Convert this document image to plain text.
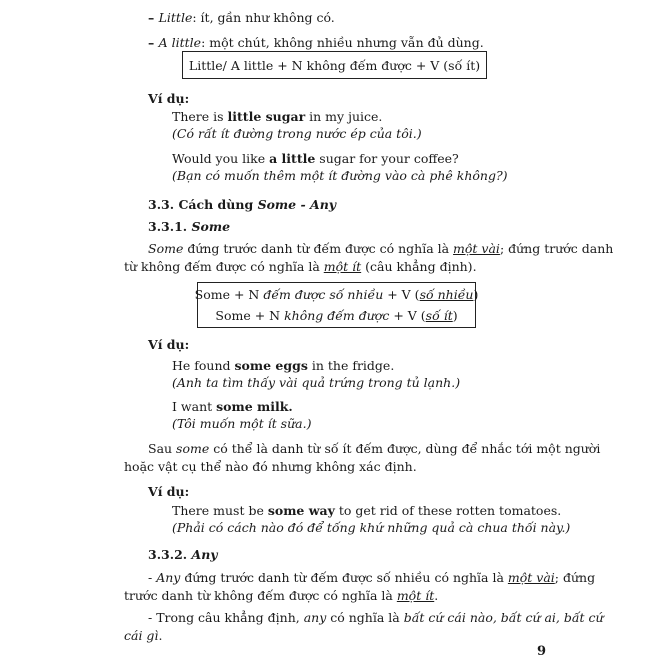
– Little: ít, gần như không có.
– A little: một chút, không nhiều nhưng vẫn đủ dùng.
Little/ A little + N không đếm được + V (số ít)
Ví dụ:
There is little sugar in my juice.
(Có rất ít đường trong nước ép của tôi.)
Would you like a little sugar for your coffee?
(Bạn có muốn thêm một ít đường vào cà phê không?)
3.3. Cách dùng Some - Any
3.3.1. Some
Some đứng trước danh từ đếm được có nghĩa là một vài; đứng trước danh
từ không đếm được có nghĩa là một ít (câu khẳng định).
Some + N đếm được số nhiều + V (số nhiều)
Some + N không đếm được + V (số ít)
Ví dụ:
He found some eggs in the fridge.
(Anh ta tìm thấy vài quả trứng trong tủ lạnh.)
I want some milk.
(Tôi muốn một ít sữa.)
Sau some có thể là danh từ số ít đếm được, dùng để nhắc tới một người
hoặc vật cụ thể nào đó nhưng không xác định.
Ví dụ:
There must be some way to get rid of these rotten tomatoes.
(Phải có cách nào đó để tống khứ những quả cà chua thối này.)
3.3.2. Any
- Any đứng trước danh từ đếm được số nhiều có nghĩa là một vài; đứng
trước danh từ không đếm được có nghĩa là một ít.
- Trong câu khẳng định, any có nghĩa là bất cứ cái nào, bất cứ ai, bất cứ
cái gì.
9
